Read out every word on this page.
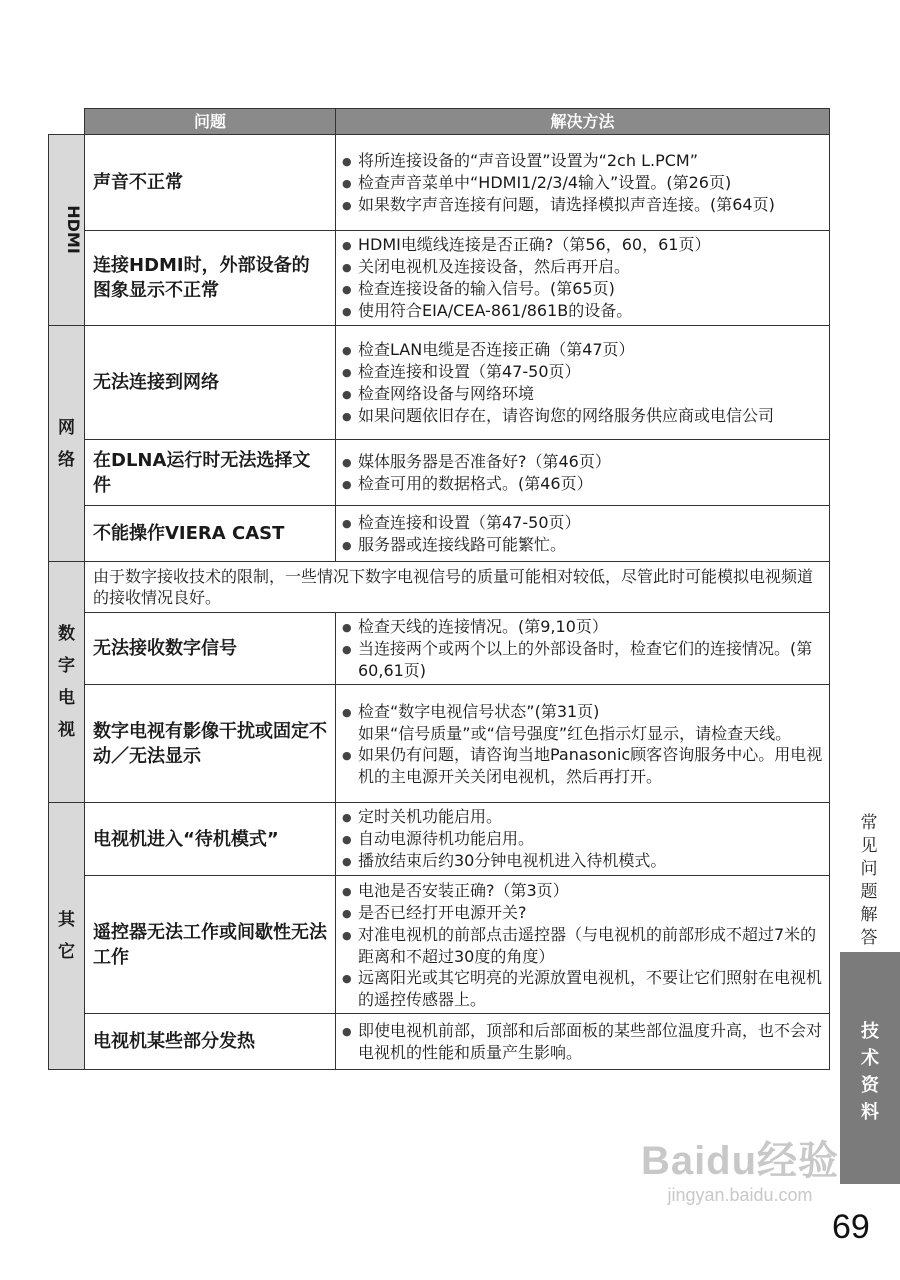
	问题	解决方法
HDMI	声音不正常	● 将所连接设备的“声音设置”设置为“2ch L.PCM”
● 检查声音菜单中“HDMI1/2/3/4输入”设置。(第26页)
● 如果数字声音连接有问题，请选择模拟声音连接。(第64页)

	连接HDMI时，外部设备的图象显示不正常	● HDMI电缆线连接是否正确?（第56，60，61页）
● 关闭电视机及连接设备，然后再开启。
● 检查连接设备的输入信号。(第65页)
● 使用符合EIA/CEA-861/861B的设备。

网
络	无法连接到网络	● 检查LAN电缆是否连接正确（第47页）
● 检查连接和设置（第47-50页）
● 检查网络设备与网络环境
● 如果问题依旧存在，请咨询您的网络服务供应商或电信公司

	在DLNA运行时无法选择文件	● 媒体服务器是否准备好?（第46页）
● 检查可用的数据格式。(第46页）

	不能操作VIERA CAST	● 检查连接和设置（第47-50页）
● 服务器或连接线路可能繁忙。

数
字
电
视	由于数字接收技术的限制，一些情况下数字电视信号的质量可能相对较低，尽管此时可能模拟电视频道的接收情况良好。	
	无法接收数字信号	● 检查天线的连接情况。(第9,10页）
● 当连接两个或两个以上的外部设备时，检查它们的连接情况。(第60,61页)

	数字电视有影像干扰或固定不动／无法显示	● 检查“数字电视信号状态”(第31页)
如果“信号质量”或“信号强度”红色指示灯显示，请检查天线。
● 如果仍有问题，请咨询当地Panasonic顾客咨询服务中心。用电视机的主电源开关关闭电视机，然后再打开。

其
它	电视机进入“待机模式”	● 定时关机功能启用。
● 自动电源待机功能启用。
● 播放结束后约30分钟电视机进入待机模式。

	遥控器无法工作或间歇性无法工作	● 电池是否安装正确?（第3页）
● 是否已经打开电源开关?
● 对准电视机的前部点击遥控器（与电视机的前部形成不超过7米的距离和不超过30度的角度）
● 远离阳光或其它明亮的光源放置电视机，不要让它们照射在电视机的遥控传感器上。

	电视机某些部分发热	● 即使电视机前部，顶部和后部面板的某些部位温度升高，也不会对电视机的性能和质量产生影响。
常
见
问
题
解
答
技
术
资
料
Baidu经验
jingyan.baidu.com
69
